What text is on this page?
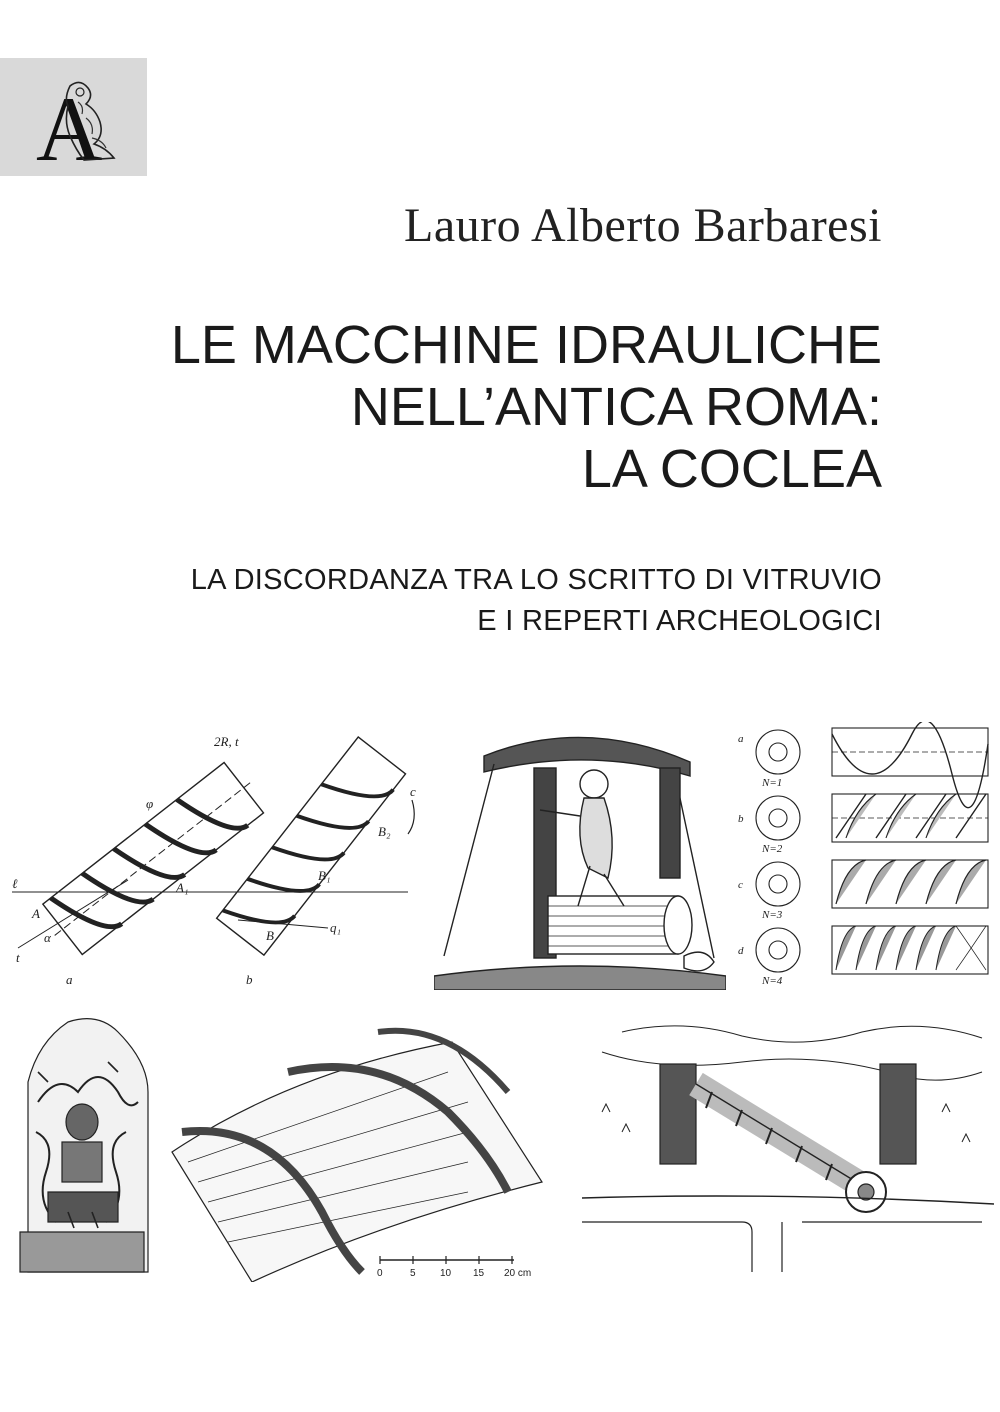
A
Lauro Alberto Barbaresi
LE MACCHINE IDRAULICHE
NELL’ANTICA ROMA:
LA COCLEA
LA DISCORDANZA TRA LO SCRITTO DI VITRUVIO
E I REPERTI ARCHEOLOGICI
2R, t
φ
A
α
ℓ
t
a	b
c
A₁
B₁
B₂
B
q₁
a
b
c
d
N=1
N=2
N=3
N=4
0	5 10 15 20 cm
